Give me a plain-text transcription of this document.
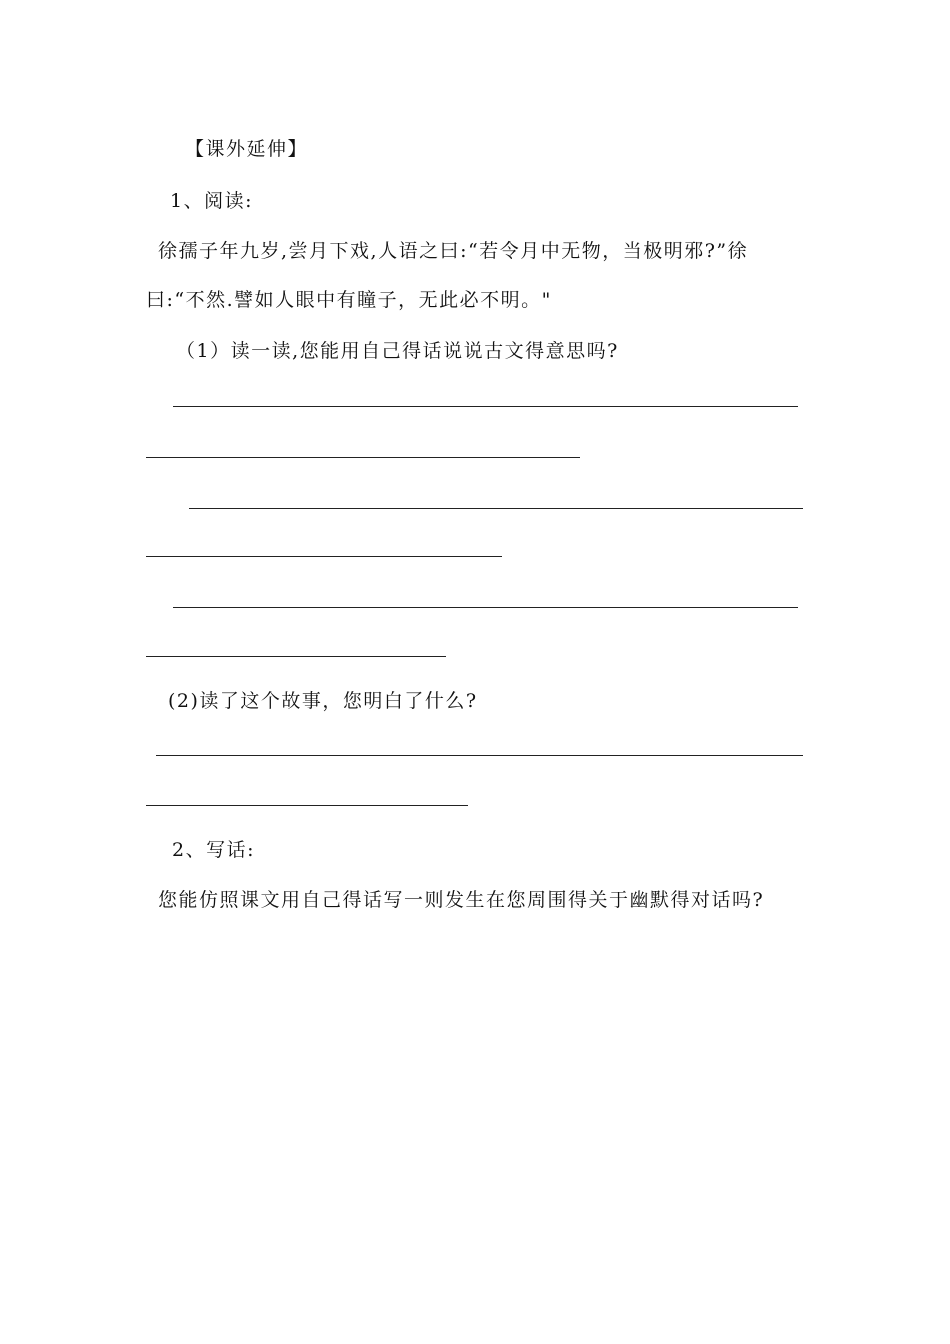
【课外延伸】
1、阅读:
徐孺子年九岁,尝月下戏,人语之曰:“若令月中无物，当极明邪?”徐
曰:“不然.譬如人眼中有瞳子，无此必不明。"
（1）读一读,您能用自己得话说说古文得意思吗?
(2)读了这个故事，您明白了什么?
2、写话:
您能仿照课文用自己得话写一则发生在您周围得关于幽默得对话吗?
